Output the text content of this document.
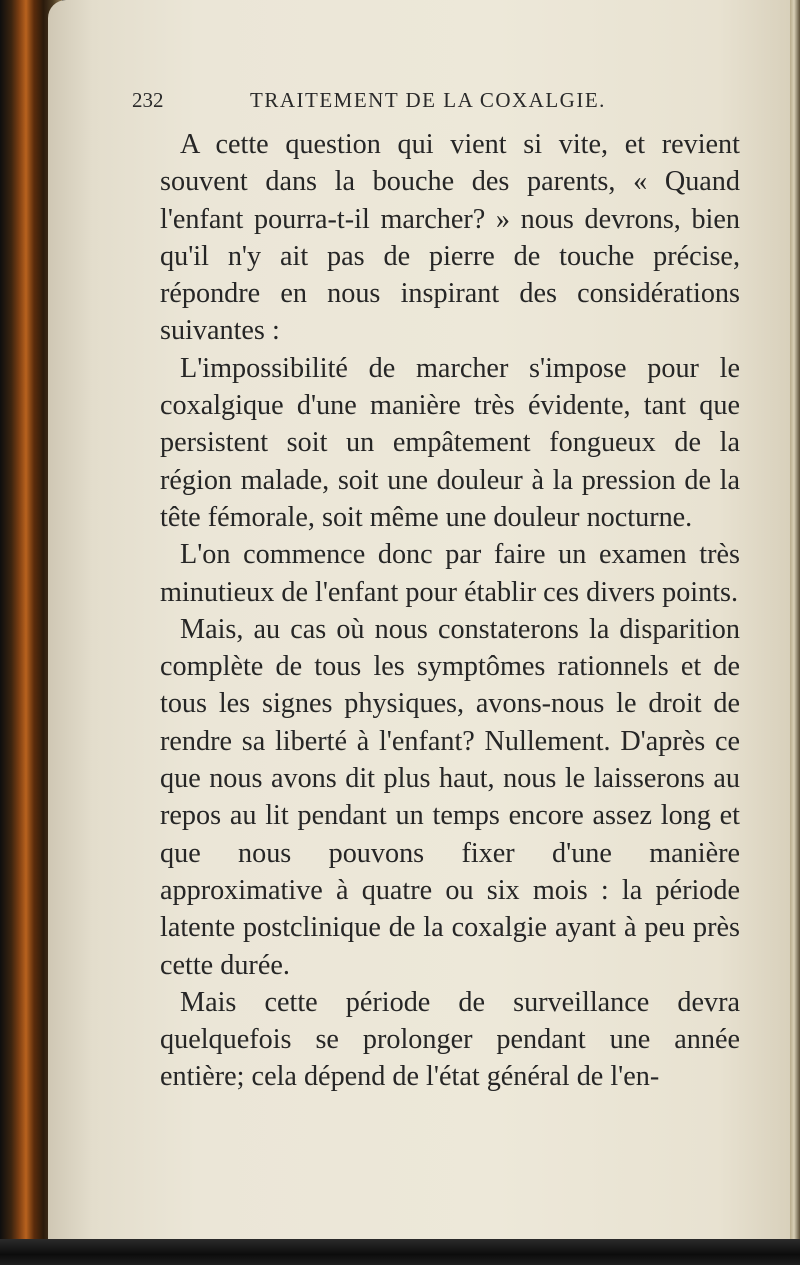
232	TRAITEMENT DE LA COXALGIE.

A cette question qui vient si vite, et revient souvent dans la bouche des parents, « Quand l'enfant pourra-t-il marcher? » nous devrons, bien qu'il n'y ait pas de pierre de touche précise, répondre en nous inspirant des considérations suivantes :

L'impossibilité de marcher s'impose pour le coxalgique d'une manière très évidente, tant que persistent soit un empâtement fongueux de la région malade, soit une douleur à la pression de la tête fémorale, soit même une douleur nocturne.

L'on commence donc par faire un examen très minutieux de l'enfant pour établir ces divers points.

Mais, au cas où nous constaterons la disparition complète de tous les symptômes rationnels et de tous les signes physiques, avons-nous le droit de rendre sa liberté à l'enfant? Nullement. D'après ce que nous avons dit plus haut, nous le laisserons au repos au lit pendant un temps encore assez long et que nous pouvons fixer d'une manière approximative à quatre ou six mois : la période latente postclinique de la coxalgie ayant à peu près cette durée.

Mais cette période de surveillance devra quelquefois se prolonger pendant une année entière; cela dépend de l'état général de l'en-
